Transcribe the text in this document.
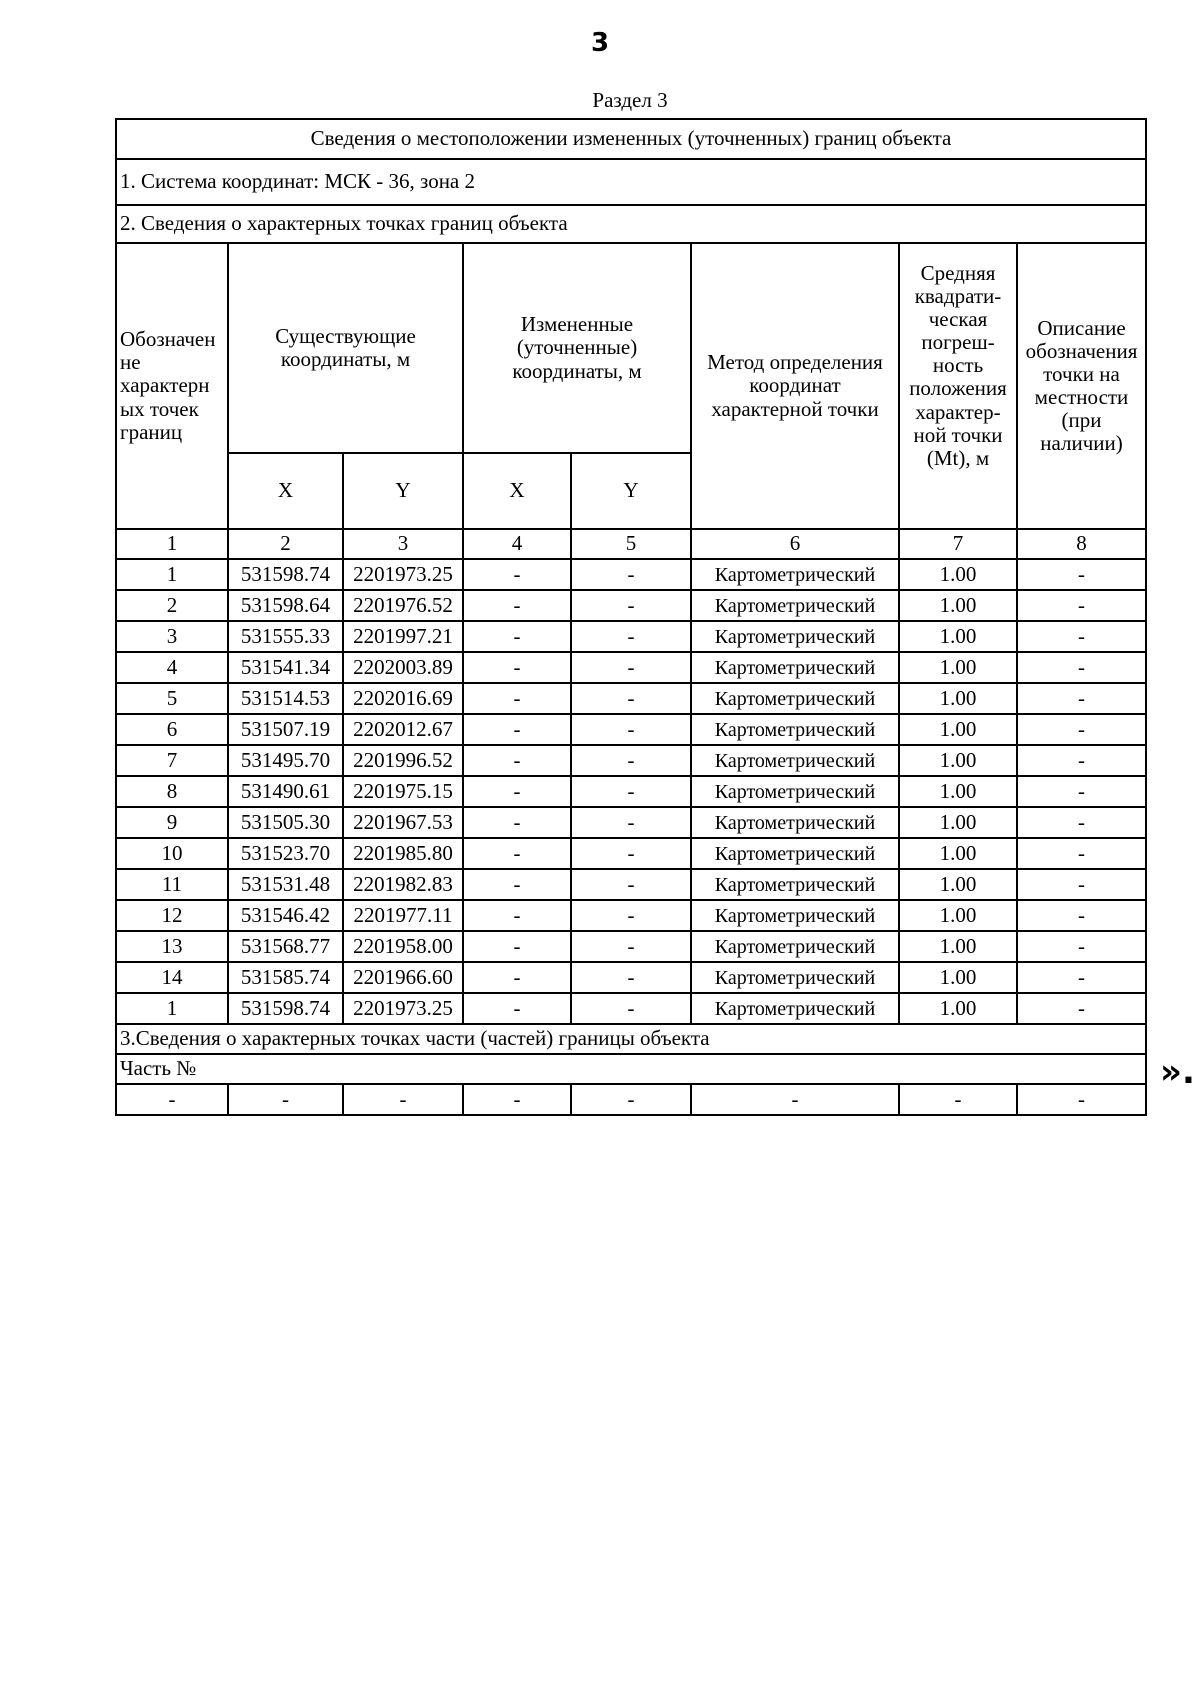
3
Раздел 3
Сведения о местоположении измененных (уточненных) границ объекта							
1. Система координат: МСК - 36, зона 2							
2. Сведения о характерных точках границ объекта							
Обозначен не характерн ых точек границ	Существующие координаты, м		Измененные (уточненные) координаты, м		Метод определения координат характерной точки	Средняя квадрати- ческая погреш- ность положения характер- ной точки (Mt), м	Описание обозначения точки на местности (при наличии)
	X	Y	X	Y			
1	2	3	4	5	6	7	8
1	531598.74	2201973.25	-	-	Картометрический	1.00	-
2	531598.64	2201976.52	-	-	Картометрический	1.00	-
3	531555.33	2201997.21	-	-	Картометрический	1.00	-
4	531541.34	2202003.89	-	-	Картометрический	1.00	-
5	531514.53	2202016.69	-	-	Картометрический	1.00	-
6	531507.19	2202012.67	-	-	Картометрический	1.00	-
7	531495.70	2201996.52	-	-	Картометрический	1.00	-
8	531490.61	2201975.15	-	-	Картометрический	1.00	-
9	531505.30	2201967.53	-	-	Картометрический	1.00	-
10	531523.70	2201985.80	-	-	Картометрический	1.00	-
11	531531.48	2201982.83	-	-	Картометрический	1.00	-
12	531546.42	2201977.11	-	-	Картометрический	1.00	-
13	531568.77	2201958.00	-	-	Картометрический	1.00	-
14	531585.74	2201966.60	-	-	Картометрический	1.00	-
1	531598.74	2201973.25	-	-	Картометрический	1.00	-
3.Сведения о характерных точках части (частей) границы объекта							
Часть №							
-	-	-	-	-	-	-	-
».
